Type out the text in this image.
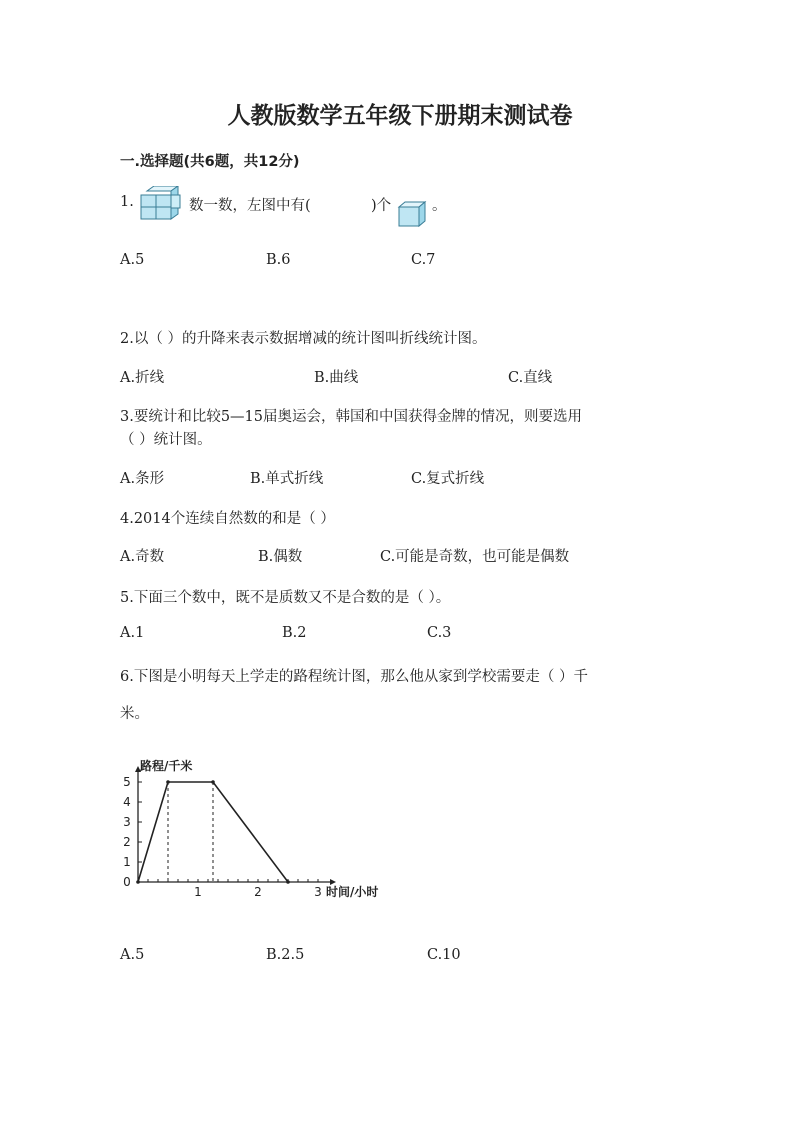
人教版数学五年级下册期末测试卷
一.选择题(共6题，共12分)
1.	数一数，左图中有(	)个	。
A.5	B.6	C.7
2.以（ ）的升降来表示数据增减的统计图叫折线统计图。
A.折线	B.曲线	C.直线
3.要统计和比较5—15届奥运会，韩国和中国获得金牌的情况，则要选用
（ ）统计图。
A.条形	B.单式折线	C.复式折线
4.2014个连续自然数的和是（ ）
A.奇数	B.偶数	C.可能是奇数，也可能是偶数
5.下面三个数中，既不是质数又不是合数的是（ ）。
A.1	B.2	C.3
6.下图是小明每天上学走的路程统计图，那么他从家到学校需要走（ ）千
米。
0
1
2
3
4
5
1	2	3
路程/千米
时间/小时
A.5	B.2.5	C.10
